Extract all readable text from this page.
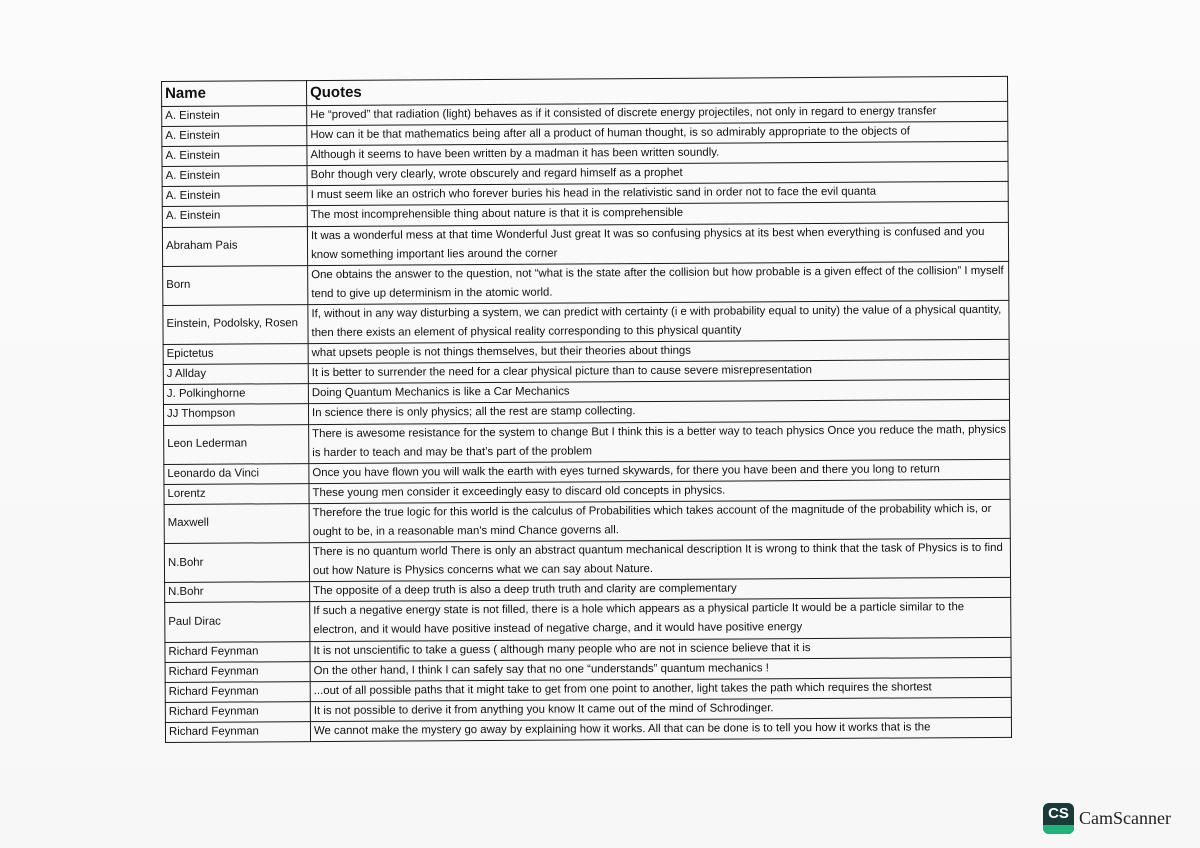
Name	Quotes
A. Einstein	He “proved” that radiation (light) behaves as if it consisted of discrete energy projectiles, not only in regard to energy transfer
A. Einstein	How can it be that mathematics being after all a product of human thought, is so admirably appropriate to the objects of
A. Einstein	Although it seems to have been written by a madman it has been written soundly.
A. Einstein	Bohr though very clearly, wrote obscurely and regard himself as a prophet
A. Einstein	I must seem like an ostrich who forever buries his head in the relativistic sand in order not to face the evil quanta
A. Einstein	The most incomprehensible thing about nature is that it is comprehensible
Abraham Pais	It was a wonderful mess at that time Wonderful Just great It was so confusing physics at its best when everything is confused and you know something important lies around the corner
Born	One obtains the answer to the question, not “what is the state after the collision but how probable is a given effect of the collision” I myself tend to give up determinism in the atomic world.
Einstein, Podolsky, Rosen	If, without in any way disturbing a system, we can predict with certainty (i e with probability equal to unity) the value of a physical quantity, then there exists an element of physical reality corresponding to this physical quantity
Epictetus	what upsets people is not things themselves, but their theories about things
J Allday	It is better to surrender the need for a clear physical picture than to cause severe misrepresentation
J. Polkinghorne	Doing Quantum Mechanics is like a Car Mechanics
JJ Thompson	In science there is only physics; all the rest are stamp collecting.
Leon Lederman	There is awesome resistance for the system to change But I think this is a better way to teach physics Once you reduce the math, physics is harder to teach and may be that’s part of the problem
Leonardo da Vinci	Once you have flown you will walk the earth with eyes turned skywards, for there you have been and there you long to return
Lorentz	These young men consider it exceedingly easy to discard old concepts in physics.
Maxwell	Therefore the true logic for this world is the calculus of Probabilities which takes account of the magnitude of the probability which is, or ought to be, in a reasonable man's mind Chance governs all.
N.Bohr	There is no quantum world There is only an abstract quantum mechanical description It is wrong to think that the task of Physics is to find out how Nature is Physics concerns what we can say about Nature.
N.Bohr	The opposite of a deep truth is also a deep truth truth and clarity are complementary
Paul Dirac	If such a negative energy state is not filled, there is a hole which appears as a physical particle It would be a particle similar to the electron, and it would have positive instead of negative charge, and it would have positive energy
Richard Feynman	It is not unscientific to take a guess ( although many people who are not in science believe that it is
Richard Feynman	On the other hand, I think I can safely say that no one “understands” quantum mechanics !
Richard Feynman	...out of all possible paths that it might take to get from one point to another, light takes the path which requires the shortest
Richard Feynman	It is not possible to derive it from anything you know It came out of the mind of Schrodinger.
Richard Feynman	We cannot make the mystery go away by explaining how it works. All that can be done is to tell you how it works that is the
CS CamScanner
